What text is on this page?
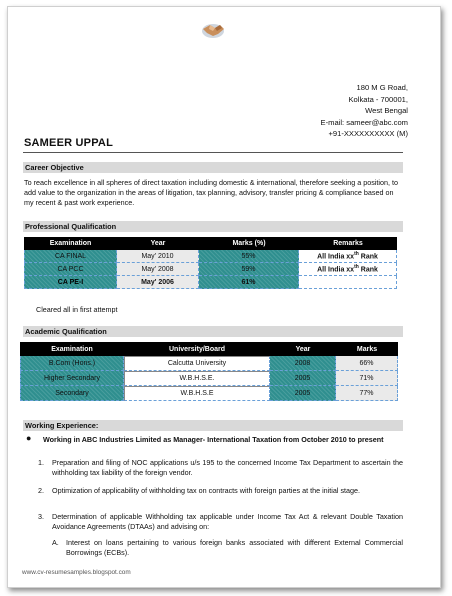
180 M G Road,
Kolkata - 700001,
West Bengal
E-mail: sameer@abc.com
+91-XXXXXXXXXX (M)
SAMEER UPPAL
Career Objective
To reach excellence in all spheres of direct taxation including domestic & international, therefore seeking a position, to add value to the organization in the areas of litigation, tax planning, advisory, transfer pricing & compliance based on my recent & past work experience.
Professional Qualification
Examination	Year	Marks (%)	Remarks
CA FINAL	May' 2010	55%	All India $xx^{th}$ Rank
CA PCC	May' 2008	59%	All India $xx^{th}$ Rank
CA PE-I	May' 2006	61%	
Cleared all in first attempt
Academic Qualification
Examination	University/Board	Year	Marks
B.Com (Hons.)	Calcutta University	2008	66%
Higher Secondary	W.B.H.S.E.	2005	71%
Secondary	W.B.H.S.E	2005	77%
Working Experience:
● Working in ABC Industries Limited as Manager- International Taxation from October 2010 to present
1. Preparation and filing of NOC applications u/s 195 to the concerned Income Tax Department to ascertain the withholding tax liability of the foreign vendor.
2. Optimization of applicability of withholding tax on contracts with foreign parties at the initial stage.
3. Determination of applicable Withholding tax applicable under Income Tax Act & relevant Double Taxation Avoidance Agreements (DTAAs) and advising on:
A. Interest on loans pertaining to various foreign banks associated with different External Commercial Borrowings (ECBs).
www.cv-resumesamples.blogspot.com
